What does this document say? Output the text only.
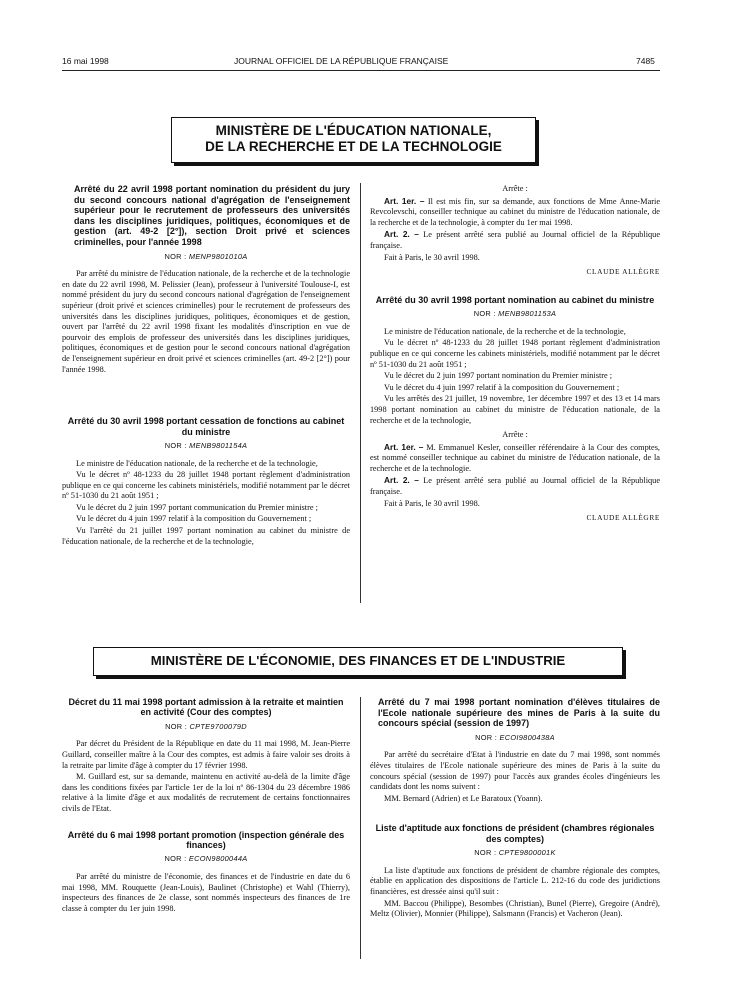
16 mai 1998	JOURNAL OFFICIEL DE LA RÉPUBLIQUE FRANÇAISE	7485
MINISTÈRE DE L'ÉDUCATION NATIONALE,
DE LA RECHERCHE ET DE LA TECHNOLOGIE
Arrêté du 22 avril 1998 portant nomination du président du jury du second concours national d'agrégation de l'enseignement supérieur pour le recrutement de professeurs des universités dans les disciplines juridiques, politiques, économiques et de gestion (art. 49-2 [2°]), section Droit privé et sciences criminelles, pour l'année 1998
NOR : MENP9801010A

Par arrêté du ministre de l'éducation nationale, de la recherche et de la technologie en date du 22 avril 1998, M. Pelissier (Jean), professeur à l'université Toulouse-I, est nommé président du jury du second concours national d'agrégation de l'enseignement supérieur (droit privé et sciences criminelles) pour le recrutement de professeurs des universités dans les disciplines juridiques, politiques, économiques et de gestion, ouvert par l'arrêté du 22 avril 1998 fixant les modalités d'inscription en vue de pourvoir des emplois de professeur des universités dans les disciplines juridiques, politiques, économiques et de gestion pour le second concours national d'agrégation de l'enseignement supérieur en droit privé et sciences criminelles (art. 49-2 [2°]) pour l'année 1998.

Arrêté du 30 avril 1998 portant cessation de fonctions au cabinet du ministre
NOR : MENB9801154A

Le ministre de l'éducation nationale, de la recherche et de la technologie,

Vu le décret nº 48-1233 du 28 juillet 1948 portant règlement d'administration publique en ce qui concerne les cabinets ministériels, modifié notamment par le décret nº 51-1030 du 21 août 1951 ;

Vu le décret du 2 juin 1997 portant communication du Premier ministre ;

Vu le décret du 4 juin 1997 relatif à la composition du Gouvernement ;

Vu l'arrêté du 21 juillet 1997 portant nomination au cabinet du ministre de l'éducation nationale, de la recherche et de la technologie,

Arrête :

Art. 1er. – Il est mis fin, sur sa demande, aux fonctions de Mme Anne-Marie Revcolevschi, conseiller technique au cabinet du ministre de l'éducation nationale, de la recherche et de la technologie, à compter du 1er mai 1998.

Art. 2. – Le présent arrêté sera publié au Journal officiel de la République française.

Fait à Paris, le 30 avril 1998.

CLAUDE ALLÈGRE

Arrêté du 30 avril 1998 portant nomination au cabinet du ministre
NOR : MENB9801153A

Le ministre de l'éducation nationale, de la recherche et de la technologie,

Vu le décret nº 48-1233 du 28 juillet 1948 portant règlement d'administration publique en ce qui concerne les cabinets ministériels, modifié notamment par le décret nº 51-1030 du 21 août 1951 ;

Vu le décret du 2 juin 1997 portant nomination du Premier ministre ;

Vu le décret du 4 juin 1997 relatif à la composition du Gouvernement ;

Vu les arrêtés des 21 juillet, 19 novembre, 1er décembre 1997 et des 13 et 14 mars 1998 portant nomination au cabinet du ministre de l'éducation nationale, de la recherche et de la technologie,

Arrête :

Art. 1er. – M. Emmanuel Kesler, conseiller référendaire à la Cour des comptes, est nommé conseiller technique au cabinet du ministre de l'éducation nationale, de la recherche et de la technologie.

Art. 2. – Le présent arrêté sera publié au Journal officiel de la République française.

Fait à Paris, le 30 avril 1998.

CLAUDE ALLÈGRE

MINISTÈRE DE L'ÉCONOMIE, DES FINANCES ET DE L'INDUSTRIE
Décret du 11 mai 1998 portant admission à la retraite et maintien en activité (Cour des comptes)
NOR : CPTE9700079D

Par décret du Président de la République en date du 11 mai 1998, M. Jean-Pierre Guillard, conseiller maître à la Cour des comptes, est admis à faire valoir ses droits à la retraite par limite d'âge à compter du 17 février 1998.

M. Guillard est, sur sa demande, maintenu en activité au-delà de la limite d'âge dans les conditions fixées par l'article 1er de la loi nº 86-1304 du 23 décembre 1986 relative à la limite d'âge et aux modalités de recrutement de certains fonctionnaires civils de l'Etat.

Arrêté du 6 mai 1998 portant promotion (inspection générale des finances)
NOR : ECON9800044A

Par arrêté du ministre de l'économie, des finances et de l'industrie en date du 6 mai 1998, MM. Rouquette (Jean-Louis), Baulinet (Christophe) et Wahl (Thierry), inspecteurs des finances de 2e classe, sont nommés inspecteurs des finances de 1re classe à compter du 1er juin 1998.

Arrêté du 7 mai 1998 portant nomination d'élèves titulaires de l'Ecole nationale supérieure des mines de Paris à la suite du concours spécial (session de 1997)
NOR : ECOI9800438A

Par arrêté du secrétaire d'Etat à l'industrie en date du 7 mai 1998, sont nommés élèves titulaires de l'Ecole nationale supérieure des mines de Paris à la suite du concours spécial (session de 1997) pour l'accès aux grandes écoles d'ingénieurs les candidats dont les noms suivent :

MM. Bernard (Adrien) et Le Baratoux (Yoann).

Liste d'aptitude aux fonctions de président (chambres régionales des comptes)
NOR : CPTE9800001K

La liste d'aptitude aux fonctions de président de chambre régionale des comptes, établie en application des dispositions de l'article L. 212-16 du code des juridictions financières, est dressée ainsi qu'il suit :

MM. Baccou (Philippe), Besombes (Christian), Bunel (Pierre), Gregoire (André), Meltz (Olivier), Monnier (Philippe), Salsmann (Francis) et Vacheron (Jean).
